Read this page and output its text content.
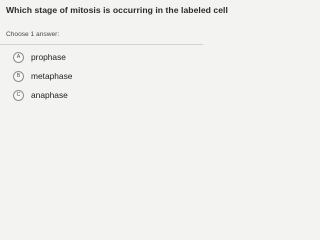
Which stage of mitosis is occurring in the labeled cell
Choose 1 answer:
A	prophase
B	metaphase
C	anaphase
